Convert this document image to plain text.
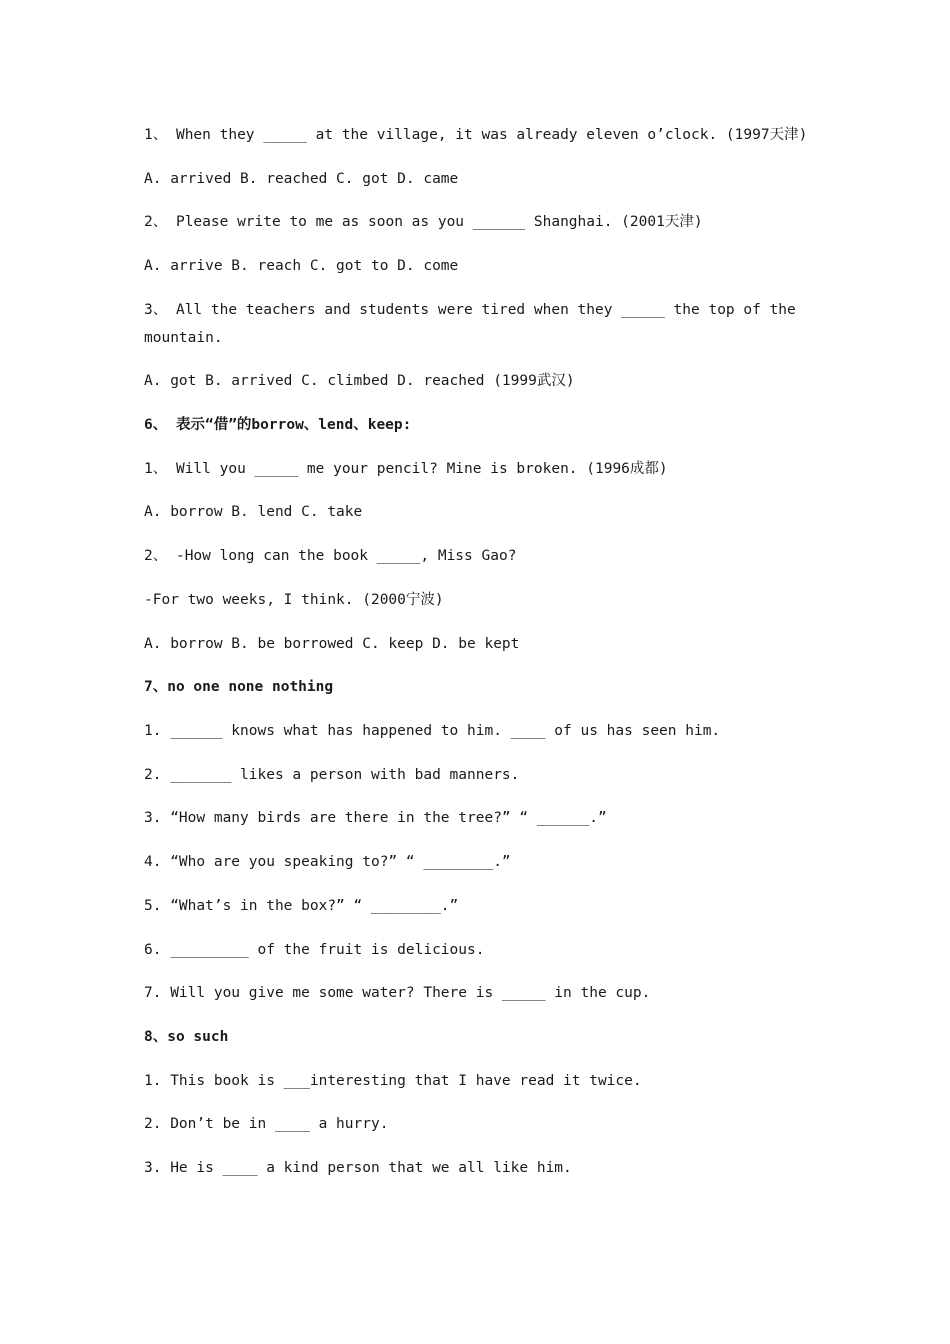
1、 When they _____ at the village, it was already eleven o’clock. (1997天津)
A. arrived B. reached C. got D. came
2、 Please write to me as soon as you ______ Shanghai. (2001天津)
A. arrive B. reach C. got to D. come
3、 All the teachers and students were tired when they _____ the top of the mountain.
A. got B. arrived C. climbed D. reached (1999武汉)
6、 表示“借”的borrow、lend、keep:
1、 Will you _____ me your pencil? Mine is broken. (1996成都)
A. borrow B. lend C. take
2、 -How long can the book _____, Miss Gao?
-For two weeks, I think. (2000宁波)
A. borrow B. be borrowed C. keep D. be kept
7、no one none nothing
1. ______ knows what has happened to him. ____ of us has seen him.
2. _______ likes a person with bad manners.
3. “How many birds are there in the tree?” “ ______.”
4. “Who are you speaking to?” “ ________.”
5. “What’s in the box?” “ ________.”
6. _________ of the fruit is delicious.
7. Will you give me some water? There is _____ in the cup.
8、so such
1. This book is ___interesting that I have read it twice.
2. Don’t be in ____ a hurry.
3. He is ____ a kind person that we all like him.
